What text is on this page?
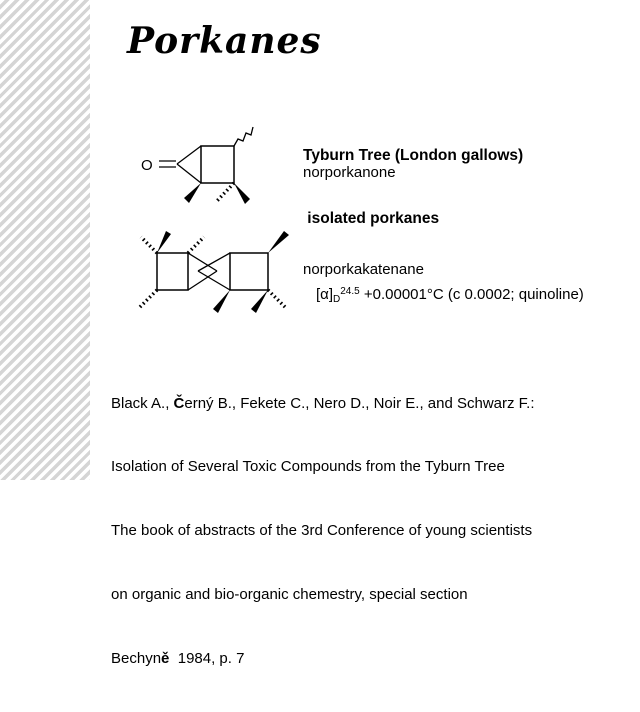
Porkanes

Tyburn Tree (London gallows)

isolated porkanes

O	norporkanone
norporkakatenane
$[\alpha]_D^{24.5} +0.00001^\circ C$ (c 0.0002; quinoline)

Black A., Černý B., Fekete C., Nero D., Noir E., and Schwarz F.:

Isolation of Several Toxic Compounds from the Tyburn Tree

The book of abstracts of the 3rd Conference of young scientists

on organic and bio-organic chemestry, special section

Bechyně  1984, p. 7
